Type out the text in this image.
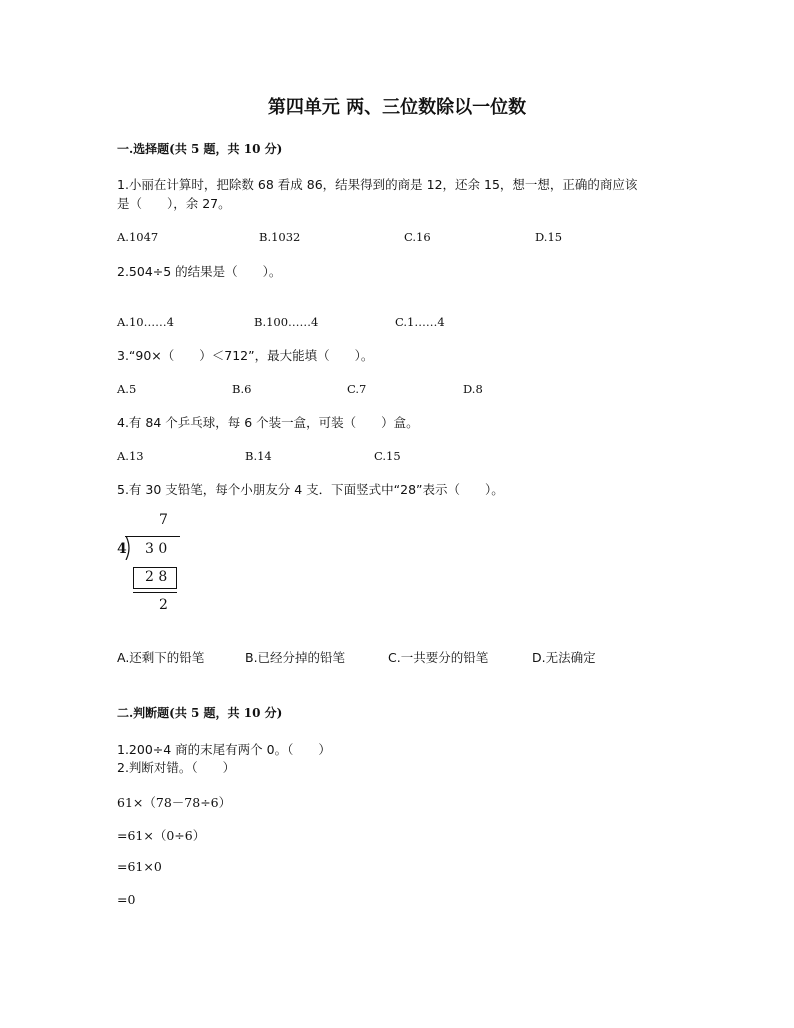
第四单元 两、三位数除以一位数
一.选择题(共 5 题，共 10 分)
1.小丽在计算时，把除数 68 看成 86，结果得到的商是 12，还余 15，想一想，正确的商应该
是（　　），余 27。
A.1047	B.1032	C.16	D.15
2.504÷5 的结果是（　　）。
A.10……4	B.100……4	C.1……4
3.“90×（　　）＜712”，最大能填（　　）。
A.5	B.6	C.7	D.8
4.有 84 个乒乓球，每 6 个装一盒，可装（　　）盒。
A.13	B.14	C.15
5.有 30 支铅笔，每个小朋友分 4 支．下面竖式中“28”表示（　　）。
7
4 3 0
2 8
2
A.还剩下的铅笔	B.已经分掉的铅笔	C.一共要分的铅笔	D.无法确定
二.判断题(共 5 题，共 10 分)
1.200÷4 商的末尾有两个 0。（　　）
2.判断对错。（　　）
61×（78－78÷6）
=61×（0÷6）
=61×0
=0
